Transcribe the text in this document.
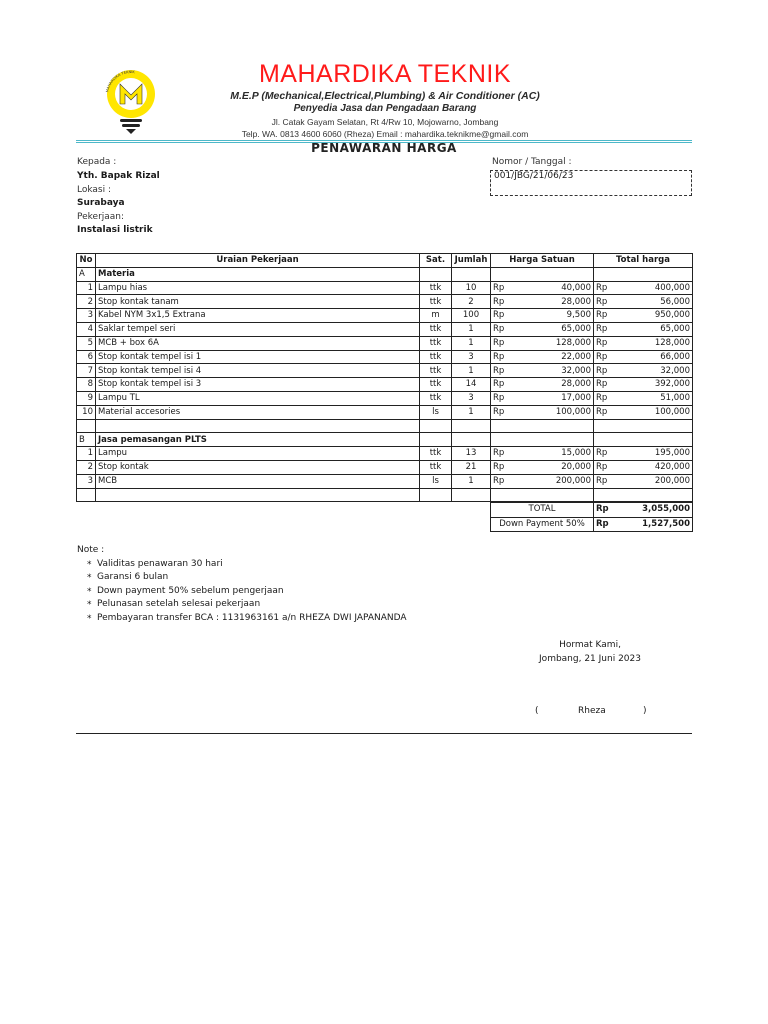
MAHARDIKA TEKNIK	MAHARDIKA TEKNIK
M.E.P (Mechanical,Electrical,Plumbing) & Air Conditioner (AC)
Penyedia Jasa dan Pengadaan Barang
Jl. Catak Gayam Selatan, Rt 4/Rw 10, Mojowarno, Jombang
Telp. WA. 0813 4600 6060 (Rheza) Email : mahardika.teknikme@gmail.com
PENAWARAN HARGA
Kepada :
Yth. Bapak Rizal
Lokasi :
Surabaya
Pekerjaan:
Instalasi listrik
Nomor / Tanggal :
001/JBG/21/06/23
No	Uraian Pekerjaan	Sat.	Jumlah	Harga Satuan	Total harga
A	Materia				
1	Lampu hias	ttk	10	Rp 40,000	Rp 400,000

2	Stop kontak tanam	ttk	2	Rp 28,000	Rp 56,000

3	Kabel NYM 3x1,5 Extrana	m	100	Rp 9,500	Rp 950,000

4	Saklar tempel seri	ttk	1	Rp 65,000	Rp 65,000

5	MCB + box 6A	ttk	1	Rp 128,000	Rp 128,000

6	Stop kontak tempel isi 1	ttk	3	Rp 22,000	Rp 66,000

7	Stop kontak tempel isi 4	ttk	1	Rp 32,000	Rp 32,000

8	Stop kontak tempel isi 3	ttk	14	Rp 28,000	Rp 392,000

9	Lampu TL	ttk	3	Rp 17,000	Rp 51,000

10	Material accesories	ls	1	Rp 100,000	Rp 100,000

B	Jasa pemasangan PLTS				
1	Lampu	ttk	13	Rp 15,000	Rp 195,000

2	Stop kontak	ttk	21	Rp 20,000	Rp 420,000

3	MCB	ls	1	Rp 200,000	Rp 200,000

TOTAL	Rp 3,055,000

Down Payment 50%	Rp 1,527,500
Note :
* Validitas penawaran 30 hari
* Garansi 6 bulan
* Down payment 50% sebelum pengerjaan
* Pelunasan setelah selesai pekerjaan
* Pembayaran transfer BCA : 1131963161 a/n RHEZA DWI JAPANANDA
Hormat Kami,
Jombang, 21 Juni 2023
(	Rheza	)
